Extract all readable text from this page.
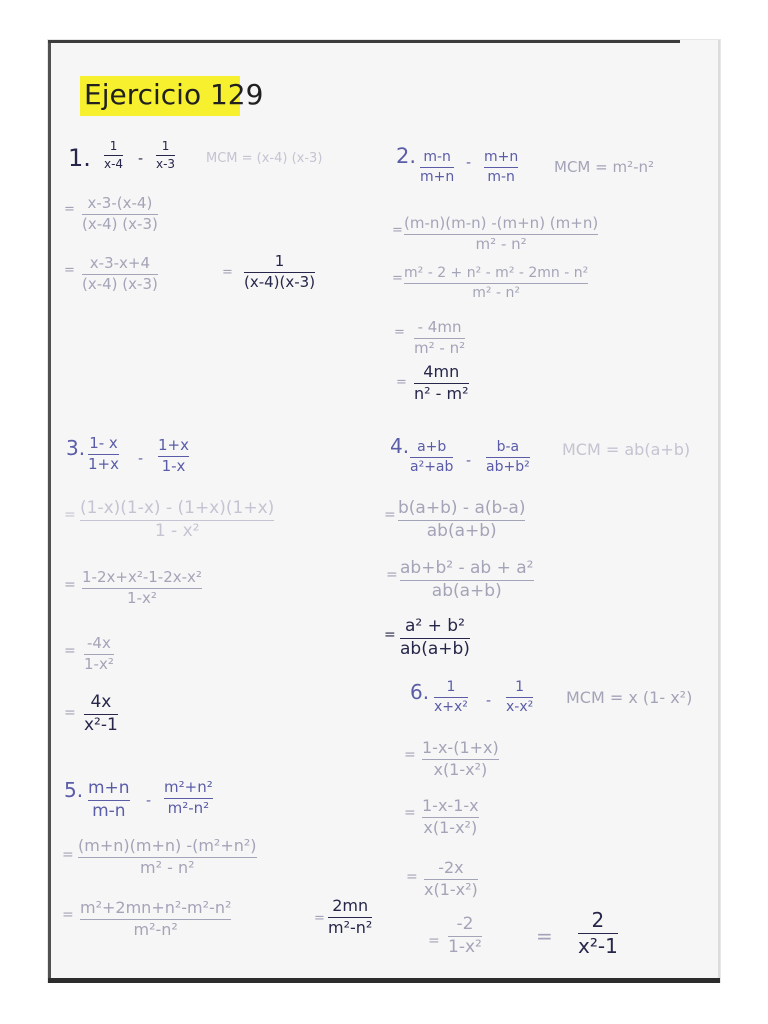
Ejercicio 129
1. 1
x-4 -
1
x-3 MCM = (x-4) (x-3)
= x-3-(x-4)
(x-4) (x-3)
= x-3-x+4
(x-4) (x-3)
=
1
(x-4)(x-3)
2. m-n
m+n
- m+n
m-n
MCM = m²-n²
= (m-n)(m-n) -(m+n) (m+n)
m² - n²
= m² - 2 + n² - m² - 2mn - n²
m² - n²
= - 4mn
m² - n²
=
4mn
n² - m²
3. 1- x
1+x -
1+x
1-x
= (1-x)(1-x) - (1+x)(1+x)
1 - x²
= 1-2x+x²-1-2x-x²
1-x²
= -4x
1-x²
=
4x
x²-1
4. a+b
a²+ab -
b-a
ab+b²
MCM = ab(a+b)
= b(a+b) - a(b-a)
ab(a+b)
= ab+b² - ab + a²
ab(a+b)
= a² + b²
ab(a+b)
5. m+n
m-n -
m²+n²
m²-n²
= (m+n)(m+n) -(m²+n²)
m² - n²
= m²+2mn+n²-m²-n²
m²-n²
=
2mn
m²-n²
6. 1
x+x² -
1
x-x² MCM = x (1- x²)
= 1-x-(1+x)
x(1-x²)
= 1-x-1-x
x(1-x²)
= -2x
x(1-x²)
=
-2
1-x²	=
2
x²-1
